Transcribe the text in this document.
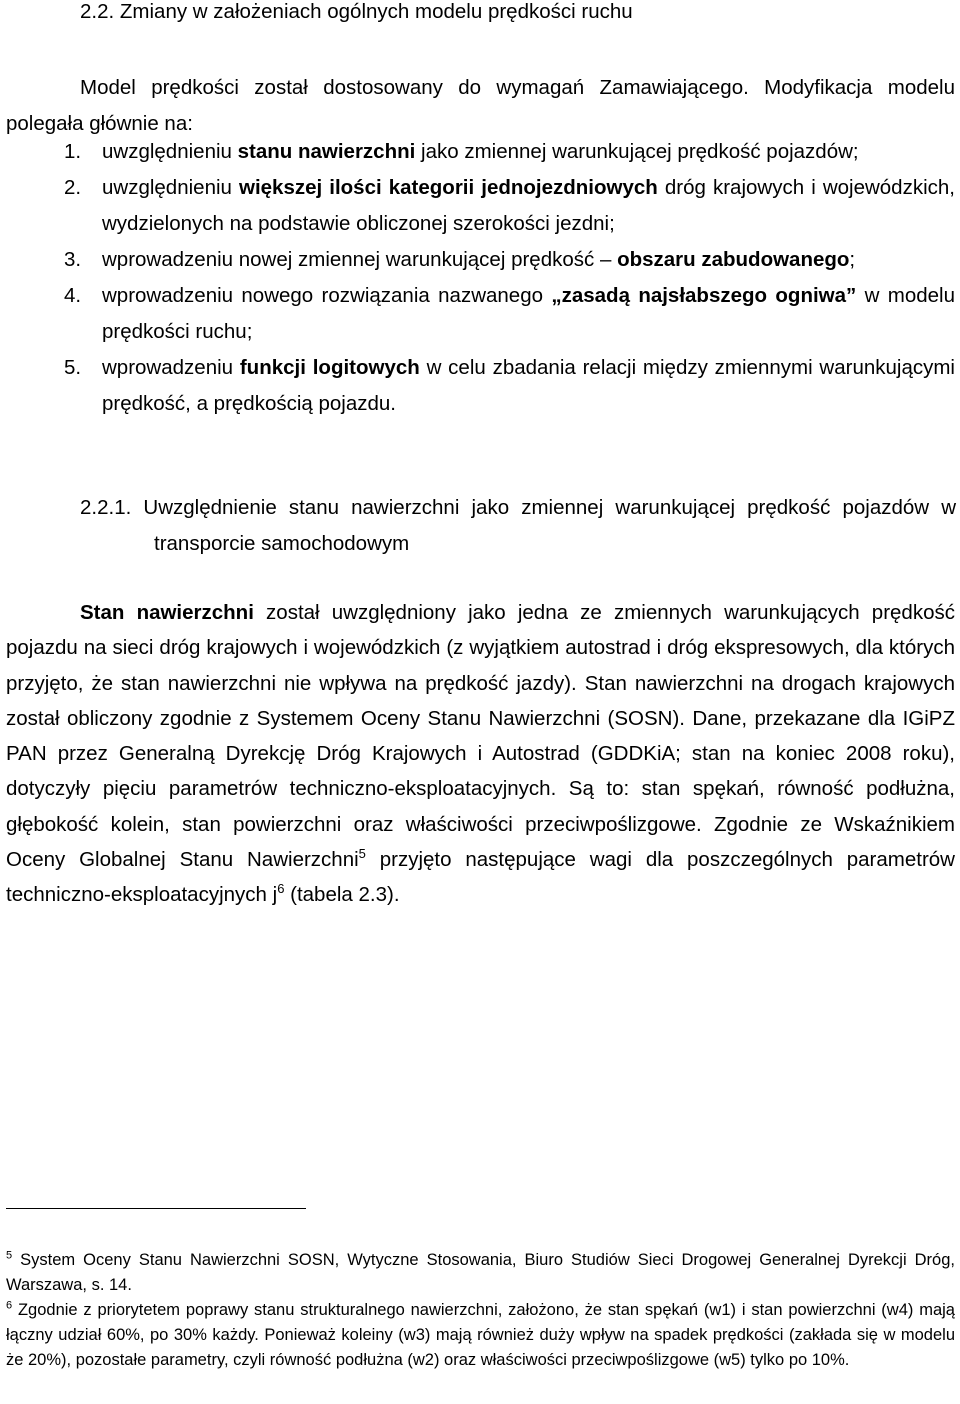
2.2. Zmiany w założeniach ogólnych modelu prędkości ruchu

Model prędkości został dostosowany do wymagań Zamawiającego. Modyfikacja modelu polegała głównie na:

1. uwzględnieniu stanu nawierzchni jako zmiennej warunkującej prędkość pojazdów;
2. uwzględnieniu większej ilości kategorii jednojezdniowych dróg krajowych i wojewódzkich, wydzielonych na podstawie obliczonej szerokości jezdni;
3. wprowadzeniu nowej zmiennej warunkującej prędkość – obszaru zabudowanego;
4. wprowadzeniu nowego rozwiązania nazwanego „zasadą najsłabszego ogniwa” w modelu prędkości ruchu;
5. wprowadzeniu funkcji logitowych w celu zbadania relacji między zmiennymi warunkującymi prędkość, a prędkością pojazdu.

2.2.1. Uwzględnienie stanu nawierzchni jako zmiennej warunkującej prędkość pojazdów w transporcie samochodowym

Stan nawierzchni został uwzględniony jako jedna ze zmiennych warunkujących prędkość pojazdu na sieci dróg krajowych i wojewódzkich (z wyjątkiem autostrad i dróg ekspresowych, dla których przyjęto, że stan nawierzchni nie wpływa na prędkość jazdy). Stan nawierzchni na drogach krajowych został obliczony zgodnie z Systemem Oceny Stanu Nawierzchni (SOSN). Dane, przekazane dla IGiPZ PAN przez Generalną Dyrekcję Dróg Krajowych i Autostrad (GDDKiA; stan na koniec 2008 roku), dotyczyły pięciu parametrów techniczno-eksploatacyjnych. Są to: stan spękań, równość podłużna, głębokość kolein, stan powierzchni oraz właściwości przeciwpoślizgowe. Zgodnie ze Wskaźnikiem Oceny Globalnej Stanu Nawierzchni$^5$ przyjęto następujące wagi dla poszczególnych parametrów techniczno-eksploatacyjnych $j^6$ (tabela 2.3).

$^5$ System Oceny Stanu Nawierzchni SOSN, Wytyczne Stosowania, Biuro Studiów Sieci Drogowej Generalnej Dyrekcji Dróg, Warszawa, s. 14.

$^6$ Zgodnie z priorytetem poprawy stanu strukturalnego nawierzchni, założono, że stan spękań (w1) i stan powierzchni (w4) mają łączny udział 60%, po 30% każdy. Ponieważ koleiny (w3) mają również duży wpływ na spadek prędkości (zakłada się w modelu że 20%), pozostałe parametry, czyli równość podłużna (w2) oraz właściwości przeciwpoślizgowe (w5) tylko po 10%.
